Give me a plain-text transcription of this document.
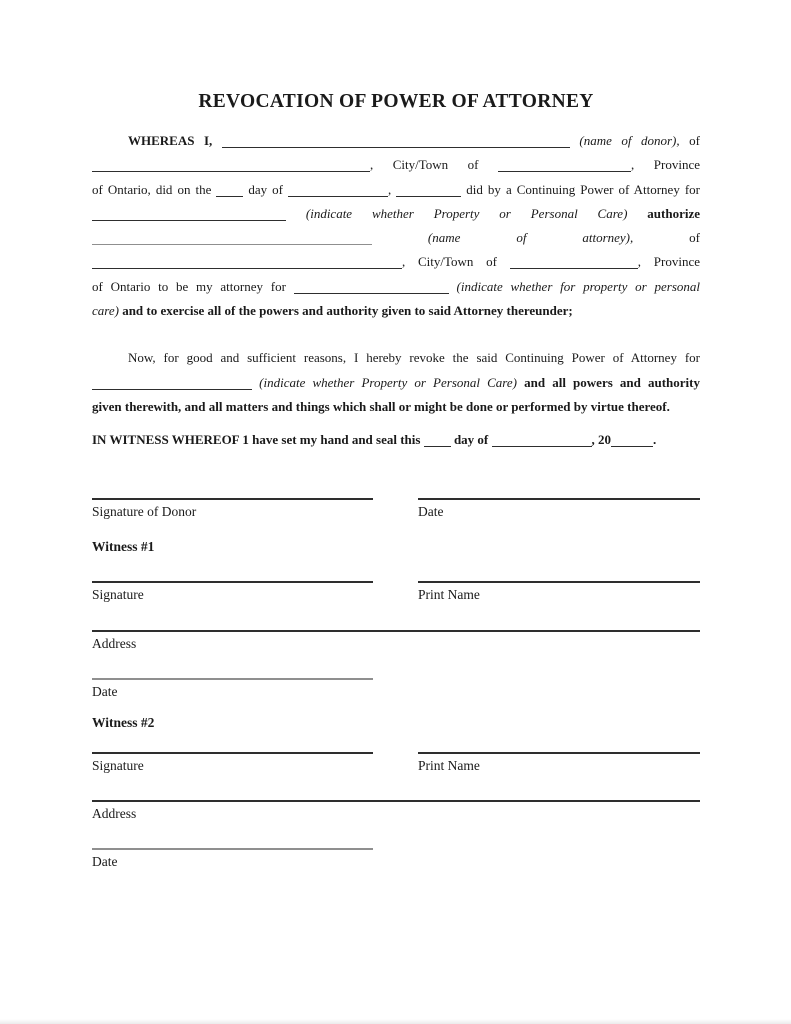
REVOCATION OF POWER OF ATTORNEY
WHEREAS I,	(name of donor), of
, City/Town of	, Province
of Ontario, did on the	day of	,	did by a Continuing Power of Attorney for
(indicate whether Property or Personal Care) authorize
(name of attorney),	of
, City/Town of	, Province
of Ontario to be my attorney for	(indicate whether for property or personal
care) and to exercise all of the powers and authority given to said Attorney thereunder;
Now, for good and sufficient reasons, I hereby revoke the said Continuing Power of Attorney for
(indicate whether Property or Personal Care) and all powers and authority
given therewith, and all matters and things which shall or might be done or performed by virtue thereof.
IN WITNESS WHEREOF 1 have set my hand and seal this	day of	, 20	.
Signature of Donor	Date
Witness #1
Signature	Print Name
Address
Date
Witness #2
Signature	Print Name
Address
Date
